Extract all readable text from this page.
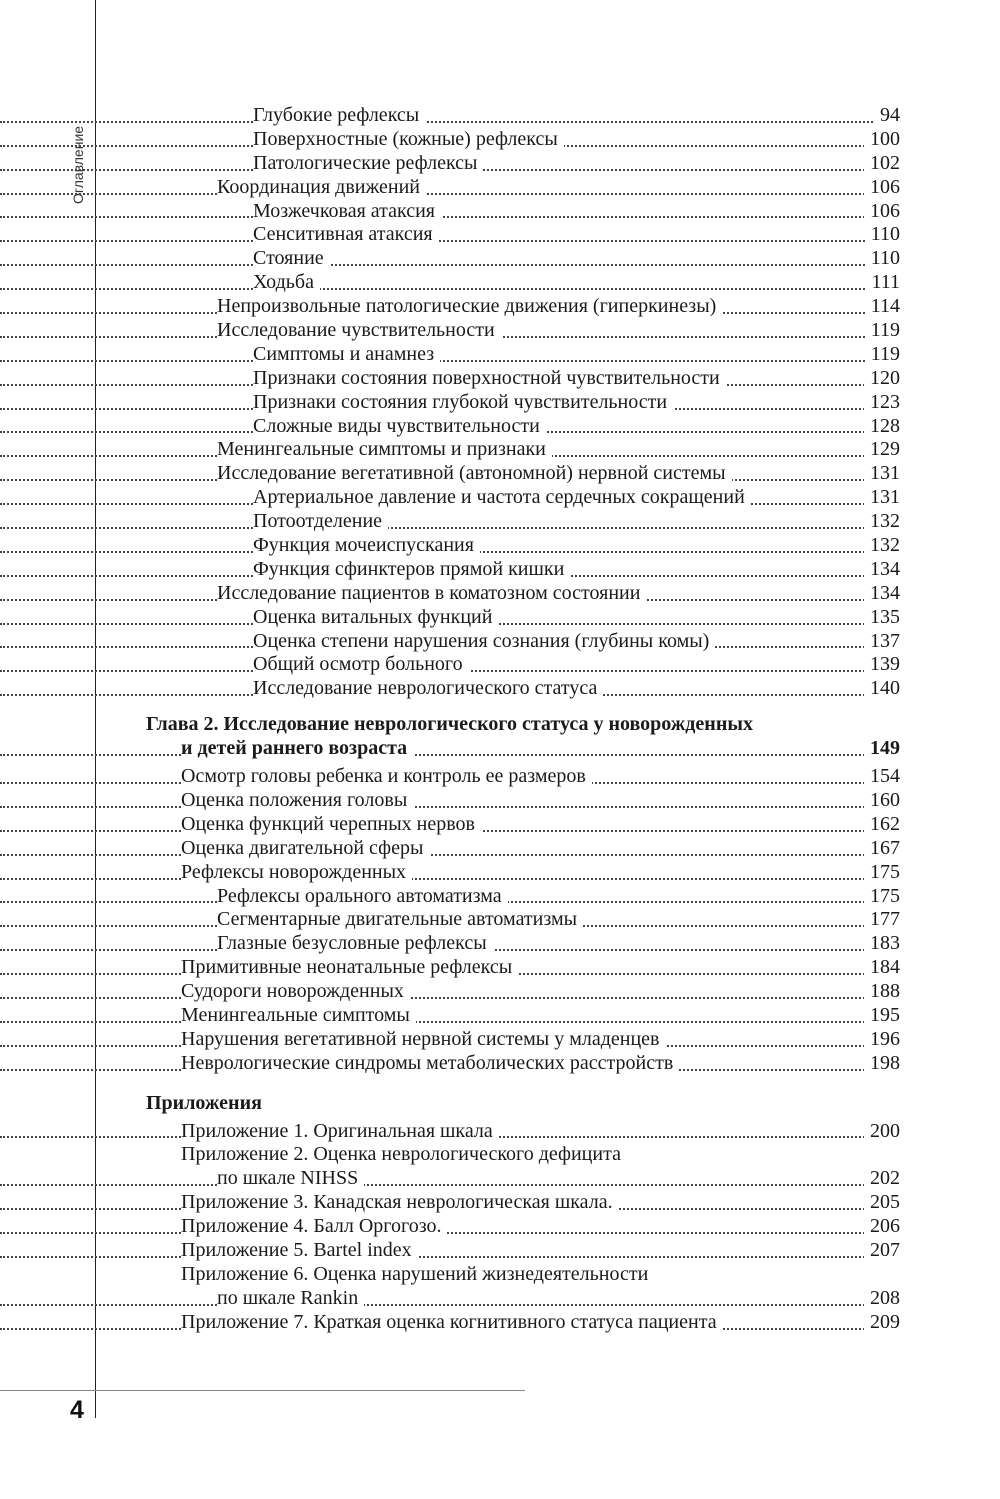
Оглавление
4
Глубокие рефлексы	94
Поверхностные (кожные) рефлексы	100
Патологические рефлексы	102
Координация движений	106
Мозжечковая атаксия	106
Сенситивная атаксия	110
Стояние	110
Ходьба	111
Непроизвольные патологические движения (гиперкинезы)	114
Исследование чувствительности	119
Симптомы и анамнез	119
Признаки состояния поверхностной чувствительности	120
Признаки состояния глубокой чувствительности	123
Сложные виды чувствительности	128
Менингеальные симптомы и признаки	129
Исследование вегетативной (автономной) нервной системы	131
Артериальное давление и частота сердечных сокращений	131
Потоотделение	132
Функция мочеиспускания	132
Функция сфинктеров прямой кишки	134
Исследование пациентов в коматозном состоянии	134
Оценка витальных функций	135
Оценка степени нарушения сознания (глубины комы)	137
Общий осмотр больного	139
Исследование неврологического статуса	140
Глава 2. Исследование неврологического статуса у новорожденных
и детей раннего возраста	149
Осмотр головы ребенка и контроль ее размеров	154
Оценка положения головы	160
Оценка функций черепных нервов	162
Оценка двигательной сферы	167
Рефлексы новорожденных	175
Рефлексы орального автоматизма	175
Сегментарные двигательные автоматизмы	177
Глазные безусловные рефлексы	183
Примитивные неонатальные рефлексы	184
Судороги новорожденных	188
Менингеальные симптомы	195
Нарушения вегетативной нервной системы у младенцев	196
Неврологические синдромы метаболических расстройств	198
Приложения
Приложение 1. Оригинальная шкала	200
Приложение 2. Оценка неврологического дефицита
по шкале NIHSS	202
Приложение 3. Канадская неврологическая шкала.	205
Приложение 4. Балл Оргогозо.	206
Приложение 5. Bartel index	207
Приложение 6. Оценка нарушений жизнедеятельности
по шкале Rankin	208
Приложение 7. Краткая оценка когнитивного статуса пациента	209
